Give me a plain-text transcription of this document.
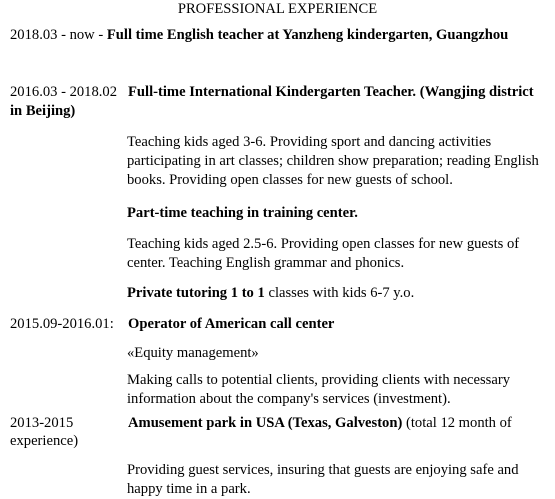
PROFESSIONAL EXPERIENCE
2018.03 - now - Full time English teacher at Yanzheng kindergarten, Guangzhou
2016.03 - 2018.02 Full-time International Kindergarten Teacher. (Wangjing district
in Beijing)
Teaching kids aged 3-6. Providing sport and dancing activities
participating in art classes; children show preparation; reading English
books. Providing open classes for new guests of school.
Part-time teaching in training center.
Teaching kids aged 2.5-6. Providing open classes for new guests of
center. Teaching English grammar and phonics.
Private tutoring 1 to 1 classes with kids 6-7 y.o.
2015.09-2016.01: Operator of American call center
«Equity management»
Making calls to potential clients, providing clients with necessary
information about the company's services (investment).
2013-2015	Amusement park in USA (Texas, Galveston) (total 12 month of
experience)
Providing guest services, insuring that guests are enjoying safe and
happy time in a park.
